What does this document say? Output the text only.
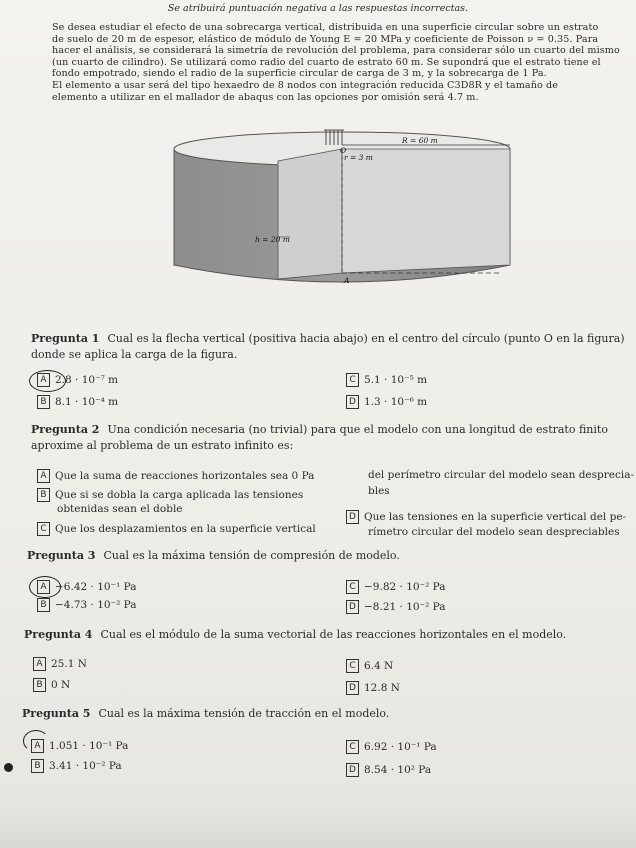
Se atribuirá puntuación negativa a las respuestas incorrectas.
Se desea estudiar el efecto de una sobrecarga vertical, distribuida en una superficie circular sobre un estrato
de suelo de 20 m de espesor, elástico de módulo de Young E = 20 MPa y coeficiente de Poisson ν = 0.35. Para
hacer el análisis, se considerará la simetría de revolución del problema, para considerar sólo un cuarto del mismo
(un cuarto de cilindro). Se utilizará como radio del cuarto de estrato 60 m. Se supondrá que el estrato tiene el
fondo empotrado, siendo el radio de la superficie circular de carga de 3 m, y la sobrecarga de 1 Pa.
El elemento a usar será del tipo hexaedro de 8 nodos con integración reducida C3D8R y el tamaño de
elemento a utilizar en el mallador de abaqus con las opciones por omisión será 4.7 m.
R = 60 m
O
r = 3 m
h = 20 m
A
Pregunta 1 Cual es la flecha vertical (positiva hacia abajo) en el centro del círculo (punto O en la figura)
donde se aplica la carga de la figura.
A 2.8 · 10⁻⁷ m
B 8.1 · 10⁻⁴ m
C 5.1 · 10⁻⁵ m
D 1.3 · 10⁻⁶ m
Pregunta 2 Una condición necesaria (no trivial) para que el modelo con una longitud de estrato finito
aproxime al problema de un estrato infinito es:
A Que la suma de reacciones horizontales sea 0 Pa
B Que si se dobla la carga aplicada las tensiones
obtenidas sean el doble
C Que los desplazamientos en la superficie vertical
del perímetro circular del modelo sean desprecia-
bles
D Que las tensiones en la superficie vertical del pe-
rímetro circular del modelo sean despreciables
Pregunta 3 Cual es la máxima tensión de compresión de modelo.
A −6.42 · 10⁻¹ Pa
B −4.73 · 10⁻² Pa
C −9.82 · 10⁻² Pa
D −8.21 · 10⁻² Pa
Pregunta 4 Cual es el módulo de la suma vectorial de las reacciones horizontales en el modelo.
A 25.1 N
B 0 N
C 6.4 N
D 12.8 N
Pregunta 5 Cual es la máxima tensión de tracción en el modelo.
A 1.051 · 10⁻¹ Pa
B 3.41 · 10⁻² Pa
C 6.92 · 10⁻¹ Pa
D 8.54 · 10² Pa
